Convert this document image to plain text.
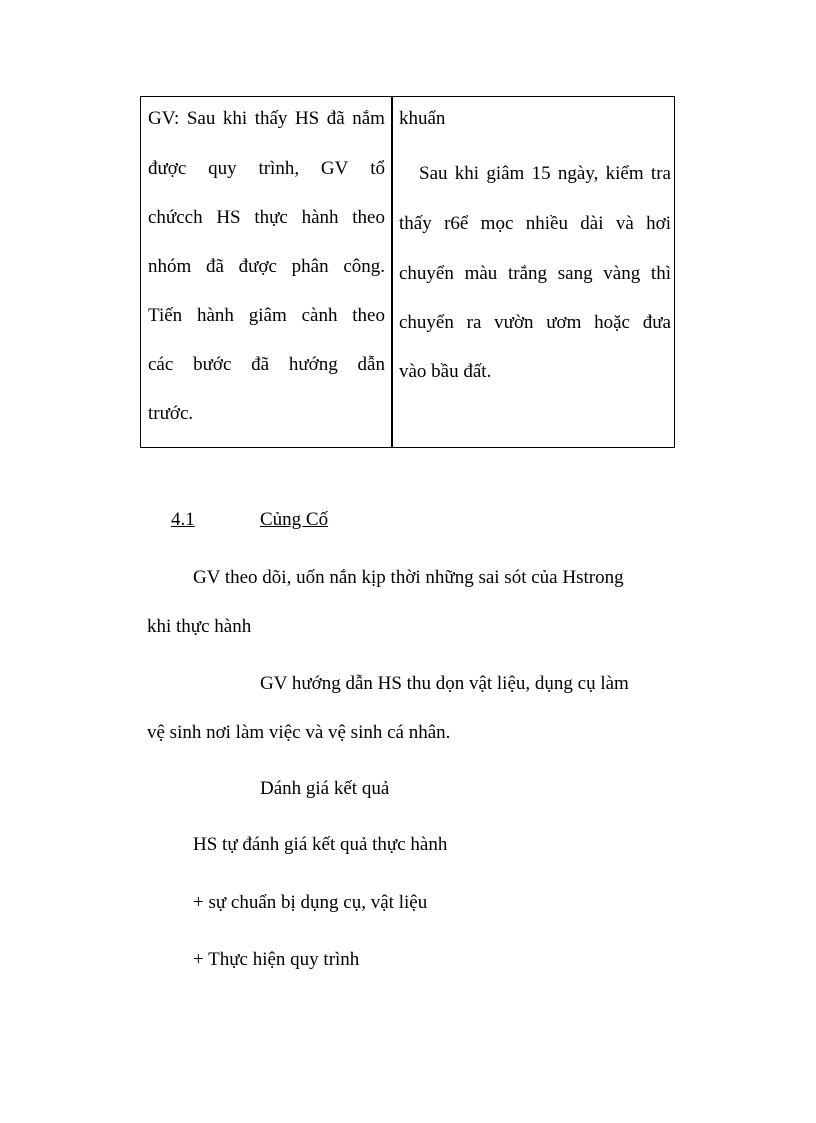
GV: Sau khi thấy HS đã nắm
được quy trình, GV tổ
chứcch HS thực hành theo
nhóm đã được phân công.
Tiến hành giâm cành theo
các bước đã hướng dẫn
trước.
khuẩn
Sau khi giâm 15 ngày, kiểm tra
thấy r6ể mọc nhiều dài và hơi
chuyển màu trắng sang vàng thì
chuyển ra vườn ươm hoặc đưa
vào bầu đất.
4.1	Củng Cố
GV theo dõi, uốn nắn kịp thời những sai sót của Hstrong
khi thực hành
GV hướng dẫn HS thu dọn vật liệu, dụng cụ làm
vệ sinh nơi làm việc và vệ sinh cá nhân.
Dánh giá kết quả
HS tự đánh giá kết quả thực hành
+ sự chuẩn bị dụng cụ, vật liệu
+ Thực hiện quy trình
